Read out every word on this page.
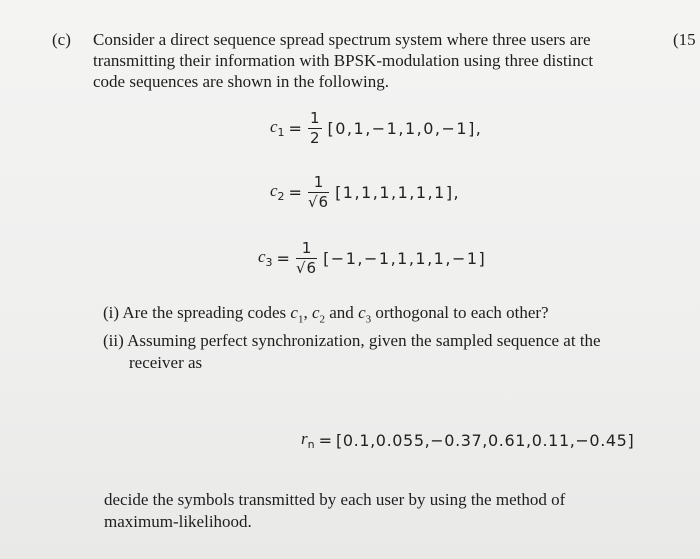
(c)	(15
Consider a direct sequence spread spectrum system where three users are
transmitting their information with BPSK-modulation using three distinct
code sequences are shown in the following.
$c_1 = \frac{1}{2} [0,1,-1,1,0,-1]$,
$c_2 = \frac{1}{√6} [1,1,1,1,1,1]$,
$c_3 = \frac{1}{√6} [-1,-1,1,1,1,-1]$
(i) Are the spreading codes $c_1$, $c_2$ and $c_3$ orthogonal to each other?
(ii) Assuming perfect synchronization, given the sampled sequence at the
receiver as
$r_n = [0.1,0.055,-0.37,0.61,0.11,-0.45]$
decide the symbols transmitted by each user by using the method of
maximum-likelihood.
